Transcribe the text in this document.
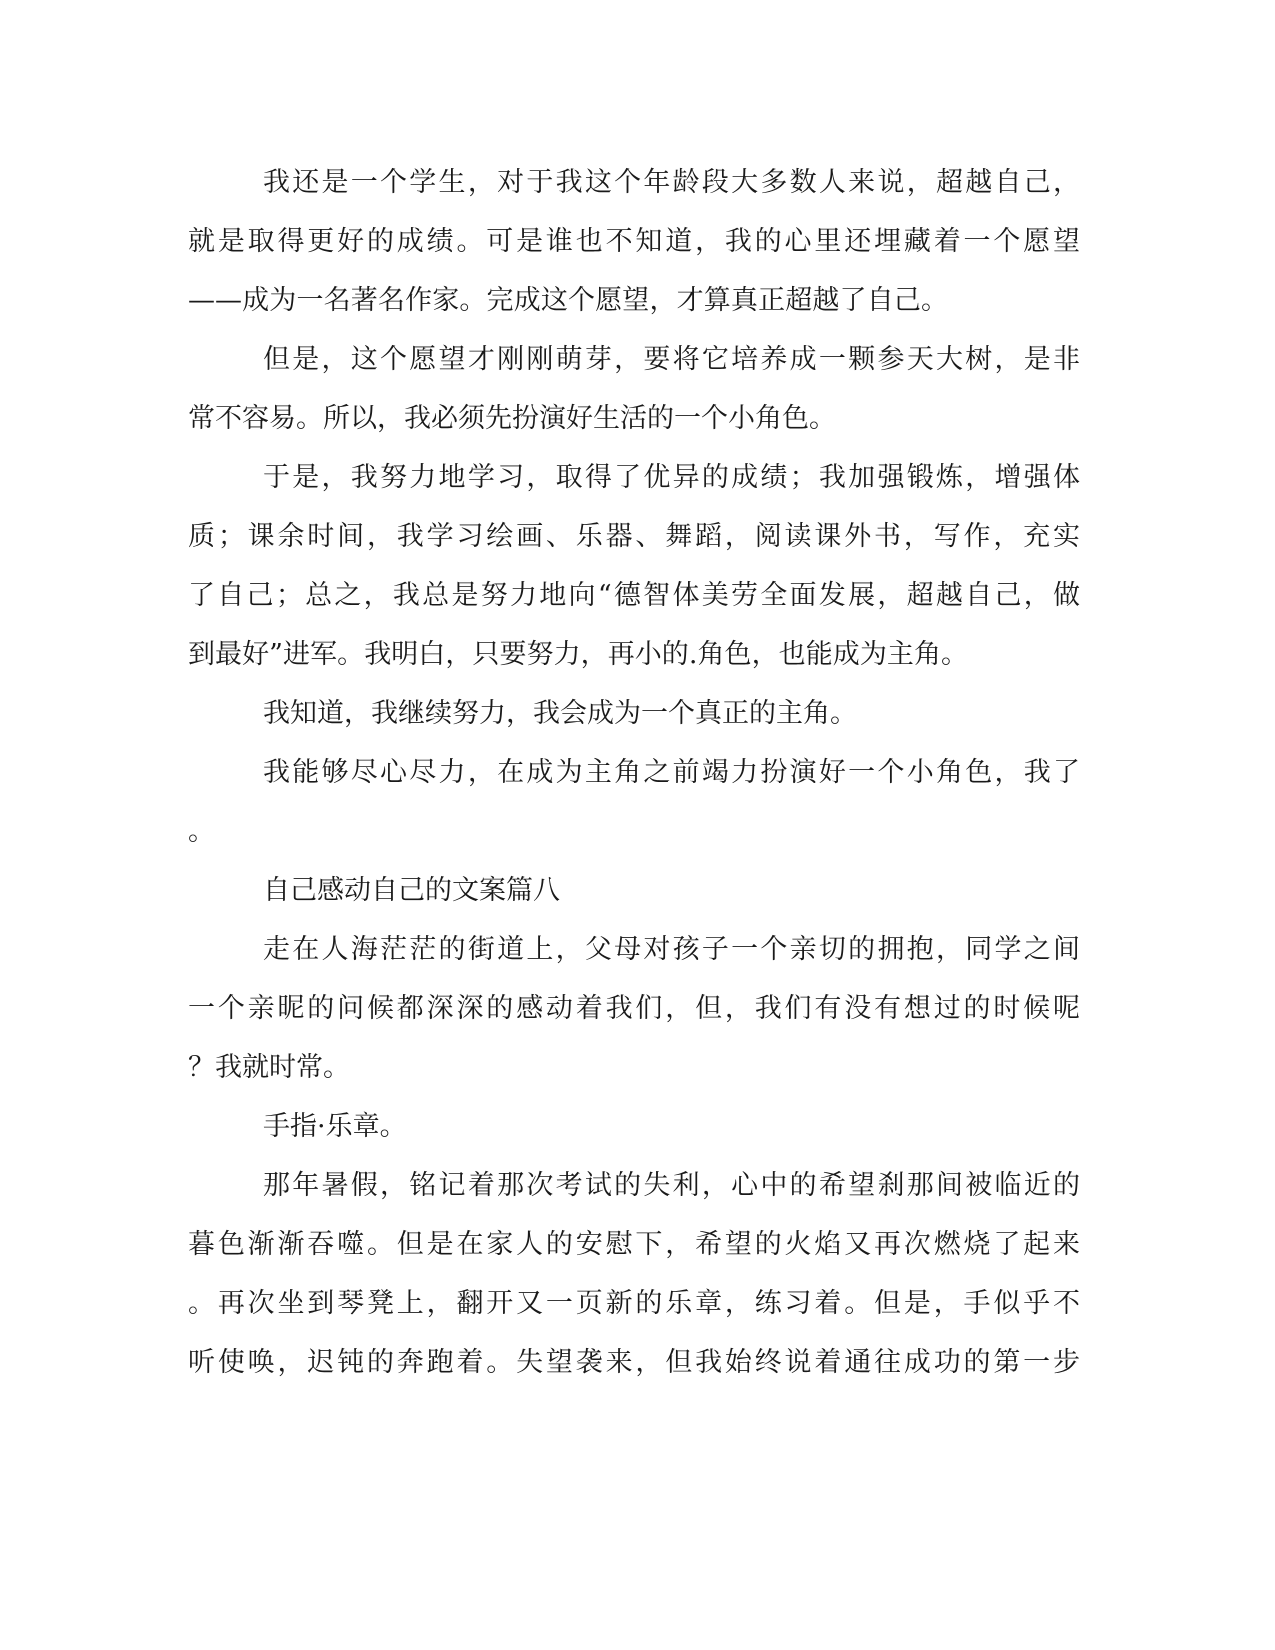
我还是一个学生，对于我这个年龄段大多数人来说，超越自己，
就是取得更好的成绩。可是谁也不知道，我的心里还埋藏着一个愿望
——成为一名著名作家。完成这个愿望，才算真正超越了自己。
但是，这个愿望才刚刚萌芽，要将它培养成一颗参天大树，是非
常不容易。所以，我必须先扮演好生活的一个小角色。
于是，我努力地学习，取得了优异的成绩；我加强锻炼，增强体
质；课余时间，我学习绘画、乐器、舞蹈，阅读课外书，写作，充实
了自己；总之，我总是努力地向“德智体美劳全面发展，超越自己，做
到最好”进军。我明白，只要努力，再小的.角色，也能成为主角。
我知道，我继续努力，我会成为一个真正的主角。
我能够尽心尽力，在成为主角之前竭力扮演好一个小角色，我了
。
自己感动自己的文案篇八
走在人海茫茫的街道上，父母对孩子一个亲切的拥抱，同学之间
一个亲昵的问候都深深的感动着我们，但，我们有没有想过的时候呢
？我就时常。
手指·乐章。
那年暑假，铭记着那次考试的失利，心中的希望刹那间被临近的
暮色渐渐吞噬。但是在家人的安慰下，希望的火焰又再次燃烧了起来
。再次坐到琴凳上，翻开又一页新的乐章，练习着。但是，手似乎不
听使唤，迟钝的奔跑着。失望袭来，但我始终说着通往成功的第一步
